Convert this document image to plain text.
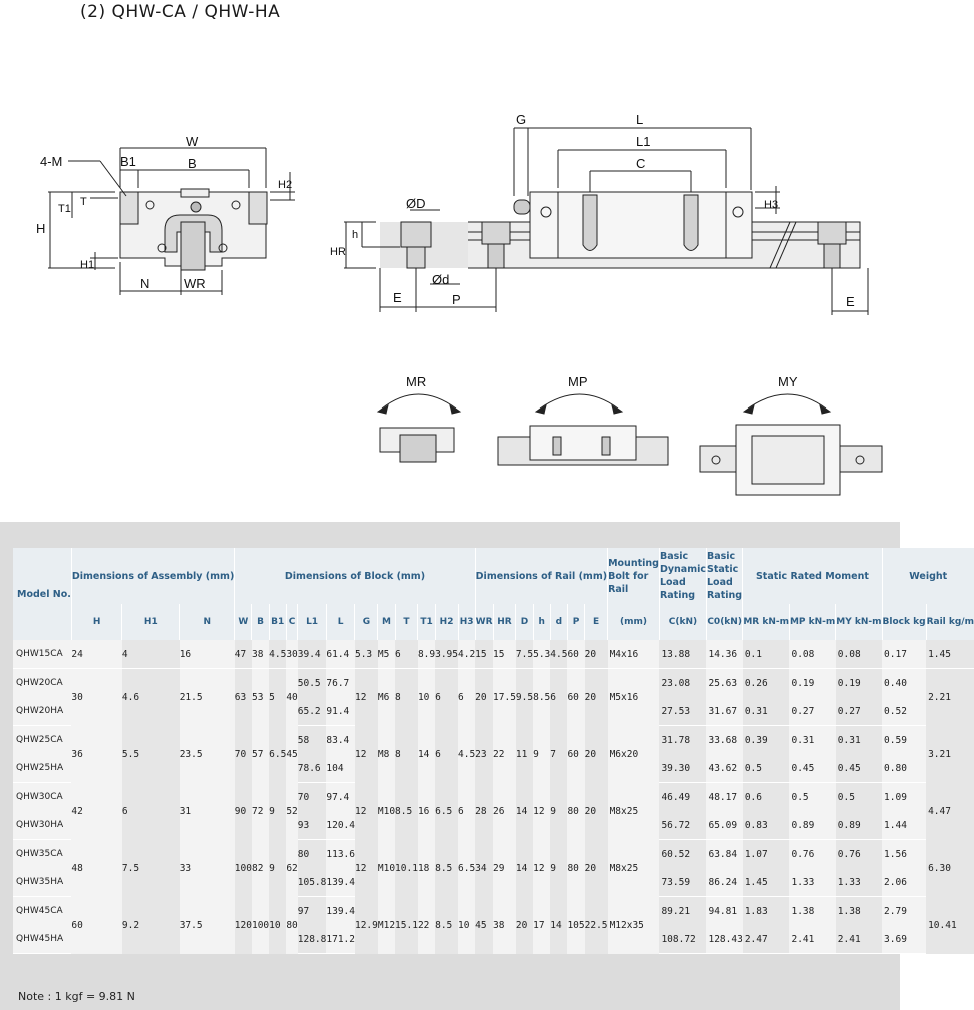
(2) QHW-CA / QHW-HA
W
B1	B
4-M
T1
T
H
H1
H2
N	WR
G	L
L1
C
H3
ØD
h
HR
Ød
E	P	E
MR	MP	MY
Model No.	Dimensions of Assembly (mm)			Dimensions of Block (mm)												Dimensions of Rail (mm)							Mounting Bolt for Rail	Basic Dynamic Load Rating	Basic Static Load Rating	Static Rated Moment			Weight	
	H	H1	N	W	B	B1	C	L1	L	G	M	T	T1	H2	H3	WR	HR	D	h	d	P	E	(mm)	C(kN)	C0(kN)	MR kN-m	MP kN-m	MY kN-m	Block kg	Rail kg/m
QHW15CA	24	4	16	47	38	4.5	30	39.4	61.4	5.3	M5	6	8.9	3.95	4.2	15	15	7.5	5.3	4.5	60	20	M4x16	13.88	14.36	0.1	0.08	0.08	0.17	1.45
QHW20CA	30	4.6	21.5	63	53	5	40	50.5	76.7	12	M6	8	10	6	6	20	17.5	9.5	8.5	6	60	20	M5x16	23.08	25.63	0.26	0.19	0.19	0.40	2.21
QHW20HA								65.2	91.4															27.53	31.67	0.31	0.27	0.27	0.52	
QHW25CA	36	5.5	23.5	70	57	6.5	45	58	83.4	12	M8	8	14	6	4.5	23	22	11	9	7	60	20	M6x20	31.78	33.68	0.39	0.31	0.31	0.59	3.21
QHW25HA								78.6	104															39.30	43.62	0.5	0.45	0.45	0.80	
QHW30CA	42	6	31	90	72	9	52	70	97.4	12	M10	8.5	16	6.5	6	28	26	14	12	9	80	20	M8x25	46.49	48.17	0.6	0.5	0.5	1.09	4.47
QHW30HA								93	120.4															56.72	65.09	0.83	0.89	0.89	1.44	
QHW35CA	48	7.5	33	100	82	9	62	80	113.6	12	M10	10.1	18	8.5	6.5	34	29	14	12	9	80	20	M8x25	60.52	63.84	1.07	0.76	0.76	1.56	6.30
QHW35HA								105.8	139.4															73.59	86.24	1.45	1.33	1.33	2.06	
QHW45CA	60	9.2	37.5	120	100	10	80	97	139.4	12.9	M12	15.1	22	8.5	10	45	38	20	17	14	105	22.5	M12x35	89.21	94.81	1.83	1.38	1.38	2.79	10.41
QHW45HA								128.8	171.2															108.72	128.43	2.47	2.41	2.41	3.69	
Note : 1 kgf = 9.81 N
